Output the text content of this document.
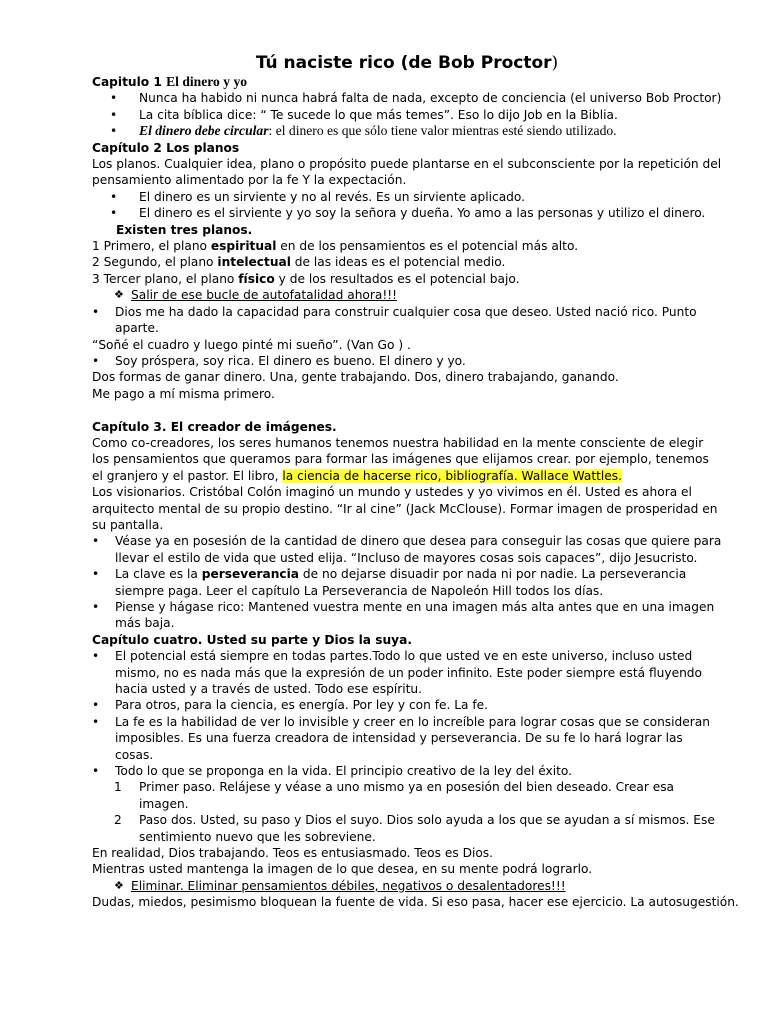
Tú naciste rico (de Bob Proctor)
Capitulo 1 El dinero y yo
•	Nunca ha habido ni nunca habrá falta de nada, excepto de conciencia (el universo Bob Proctor)
•	La cita bíblica dice: “ Te sucede lo que más temes”. Eso lo dijo Job en la Biblia.
•	El dinero debe circular: el dinero es que sólo tiene valor mientras esté siendo utilizado.
Capítulo 2 Los planos
Los planos. Cualquier idea, plano o propósito puede plantarse en el subconsciente por la repetición del pensamiento alimentado por la fe Y la expectación.
•	El dinero es un sirviente y no al revés. Es un sirviente aplicado.
•	El dinero es el sirviente y yo soy la señora y dueña. Yo amo a las personas y utilizo el dinero.
Existen tres planos.
1 Primero, el plano espiritual en de los pensamientos es el potencial más alto.
2 Segundo, el plano intelectual de las ideas es el potencial medio.
3 Tercer plano, el plano físico y de los resultados es el potencial bajo.
❖ Salir de ese bucle de autofatalidad ahora!!!
•	Dios me ha dado la capacidad para construir cualquier cosa que deseo. Usted nació rico. Punto aparte.
“Soñé el cuadro y luego pinté mi sueño”. (Van Go ) .
•	Soy próspera, soy rica. El dinero es bueno. El dinero y yo.
Dos formas de ganar dinero. Una, gente trabajando. Dos, dinero trabajando, ganando.
Me pago a mí misma primero.
Capítulo 3. El creador de imágenes.
Como co-creadores, los seres humanos tenemos nuestra habilidad en la mente consciente de elegir los pensamientos que queramos para formar las imágenes que elijamos crear. por ejemplo, tenemos el granjero y el pastor. El libro, la ciencia de hacerse rico, bibliografía. Wallace Wattles.
Los visionarios. Cristóbal Colón imaginó un mundo y ustedes y yo vivimos en él. Usted es ahora el arquitecto mental de su propio destino. “Ir al cine” (Jack McClouse). Formar imagen de prosperidad en su pantalla.
•	Véase ya en posesión de la cantidad de dinero que desea para conseguir las cosas que quiere para llevar el estilo de vida que usted elija. “Incluso de mayores cosas sois capaces”, dijo Jesucristo.
•	La clave es la perseverancia de no dejarse disuadir por nada ni por nadie. La perseverancia siempre paga. Leer el capítulo La Perseverancia de Napoleón Hill todos los días.
•	Piense y hágase rico: Mantened vuestra mente en una imagen más alta antes que en una imagen más baja.
Capítulo cuatro. Usted su parte y Dios la suya.
•	El potencial está siempre en todas partes.Todo lo que usted ve en este universo, incluso usted mismo, no es nada más que la expresión de un poder infinito. Este poder siempre está fluyendo hacia usted y a través de usted. Todo ese espíritu.
•	Para otros, para la ciencia, es energía. Por ley y con fe. La fe.
•	La fe es la habilidad de ver lo invisible y creer en lo increíble para lograr cosas que se consideran imposibles. Es una fuerza creadora de intensidad y perseverancia. De su fe lo hará lograr las cosas.
•	Todo lo que se proponga en la vida. El principio creativo de la ley del éxito.
1	Primer paso. Relájese y véase a uno mismo ya en posesión del bien deseado. Crear esa imagen.
2	Paso dos. Usted, su paso y Dios el suyo. Dios solo ayuda a los que se ayudan a sí mismos. Ese sentimiento nuevo que les sobreviene.
En realidad, Dios trabajando. Teos es entusiasmado. Teos es Dios.
Mientras usted mantenga la imagen de lo que desea, en su mente podrá lograrlo.
❖ Eliminar. Eliminar pensamientos débiles, negativos o desalentadores!!!
Dudas, miedos, pesimismo bloquean la fuente de vida. Si eso pasa, hacer ese ejercicio. La autosugestión.
